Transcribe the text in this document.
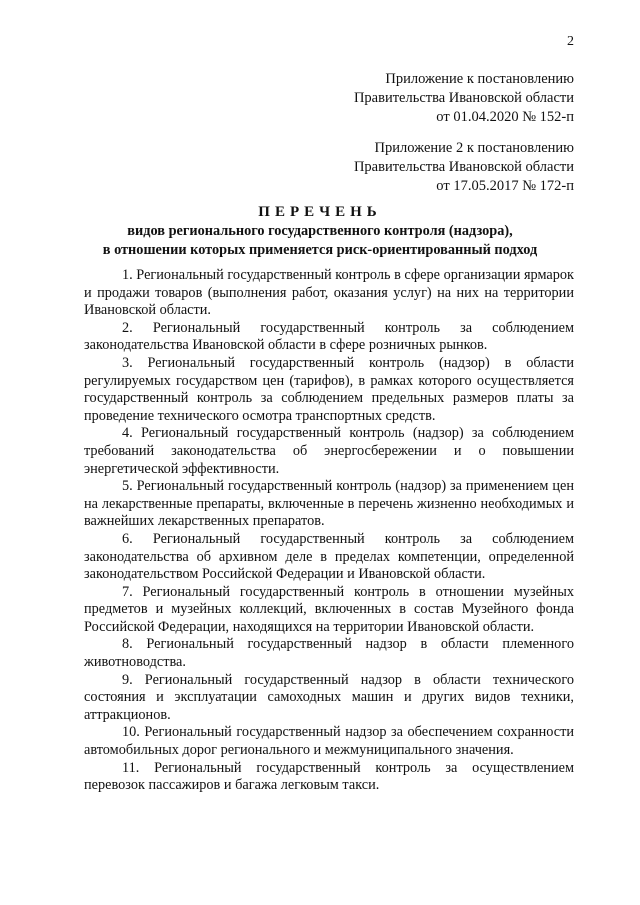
2
Приложение к постановлению
Правительства Ивановской области
от 01.04.2020 № 152-п
Приложение 2 к постановлению
Правительства Ивановской области
от 17.05.2017 № 172-п
ПЕРЕЧЕНЬ
видов регионального государственного контроля (надзора),
в отношении которых применяется риск-ориентированный подход
1. Региональный государственный контроль в сфере организации ярмарок и продажи товаров (выполнения работ, оказания услуг) на них на территории Ивановской области.
2. Региональный государственный контроль за соблюдением законодательства Ивановской области в сфере розничных рынков.
3. Региональный государственный контроль (надзор) в области регулируемых государством цен (тарифов), в рамках которого осуществляется государственный контроль за соблюдением предельных размеров платы за проведение технического осмотра транспортных средств.
4. Региональный государственный контроль (надзор) за соблюдением требований законодательства об энергосбережении и о повышении энергетической эффективности.
5. Региональный государственный контроль (надзор) за применением цен на лекарственные препараты, включенные в перечень жизненно необходимых и важнейших лекарственных препаратов.
6. Региональный государственный контроль за соблюдением законодательства об архивном деле в пределах компетенции, определенной законодательством Российской Федерации и Ивановской области.
7. Региональный государственный контроль в отношении музейных предметов и музейных коллекций, включенных в состав Музейного фонда Российской Федерации, находящихся на территории Ивановской области.
8. Региональный государственный надзор в области племенного животноводства.
9. Региональный государственный надзор в области технического состояния и эксплуатации самоходных машин и других видов техники, аттракционов.
10. Региональный государственный надзор за обеспечением сохранности автомобильных дорог регионального и межмуниципального значения.
11. Региональный государственный контроль за осуществлением перевозок пассажиров и багажа легковым такси.
